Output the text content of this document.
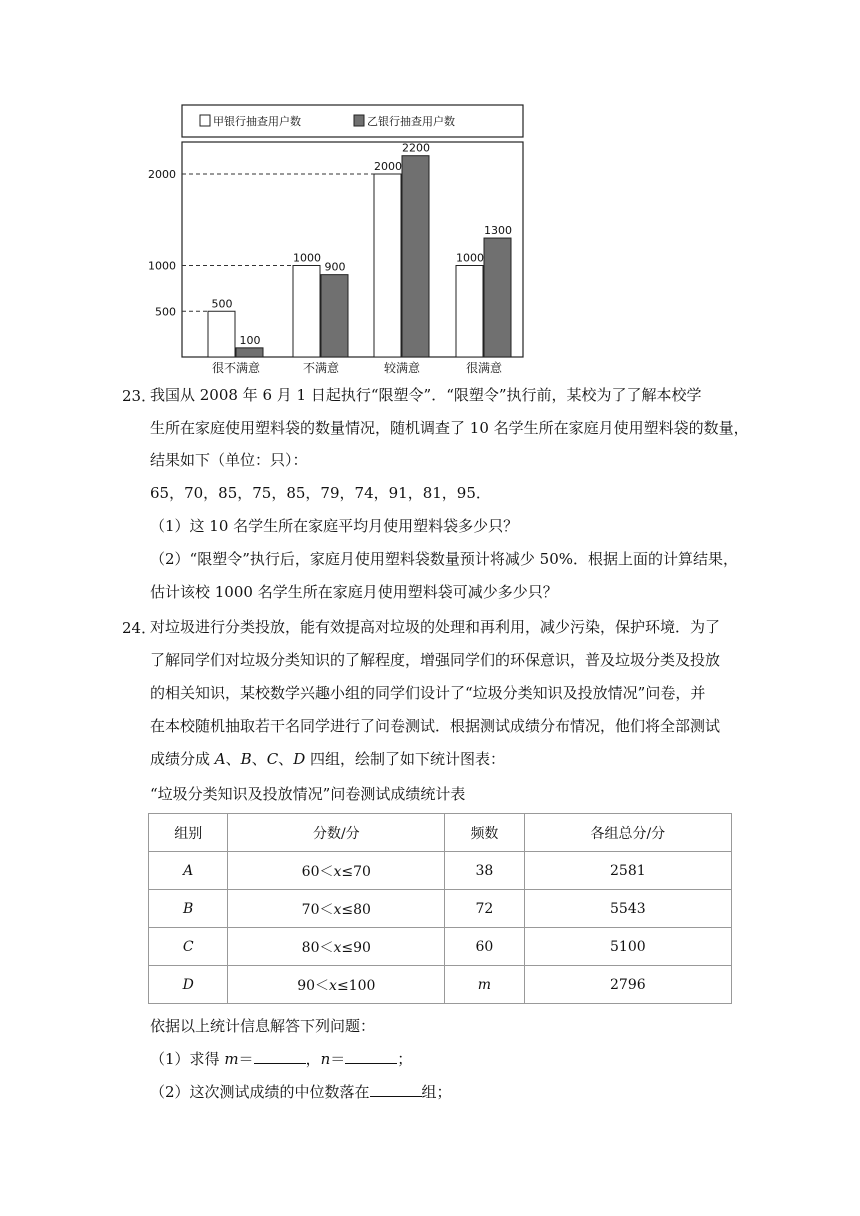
甲银行抽查用户数	乙银行抽查用户数
500
1000
2000
500
100
很不满意
1000
900
不满意
2000
2200
较满意
1000
1300
很满意
23．
我国从 2008 年 6 月 1 日起执行“限塑令”．“限塑令”执行前，某校为了了解本校学
生所在家庭使用塑料袋的数量情况，随机调查了 10 名学生所在家庭月使用塑料袋的数量，
结果如下（单位：只）：
65，70，85，75，85，79，74，91，81，95．
（1）这 10 名学生所在家庭平均月使用塑料袋多少只？
（2）“限塑令”执行后，家庭月使用塑料袋数量预计将减少 50%．根据上面的计算结果，
估计该校 1000 名学生所在家庭月使用塑料袋可减少多少只？
24．
对垃圾进行分类投放，能有效提高对垃圾的处理和再利用，减少污染，保护环境．为了
了解同学们对垃圾分类知识的了解程度，增强同学们的环保意识，普及垃圾分类及投放
的相关知识，某校数学兴趣小组的同学们设计了“垃圾分类知识及投放情况”问卷，并
在本校随机抽取若干名同学进行了问卷测试．根据测试成绩分布情况，他们将全部测试
成绩分成 A、B、C、D 四组，绘制了如下统计图表：
“垃圾分类知识及投放情况”问卷测试成绩统计表
组别	分数/分	频数	各组总分/分
A	60＜x≤70	38	2581
B	70＜x≤80	72	5543
C	80＜x≤90	60	5100
D	90＜x≤100	m	2796
依据以上统计信息解答下列问题：
（1）求得 m＝	，n＝	；
（2）这次测试成绩的中位数落在	组；
